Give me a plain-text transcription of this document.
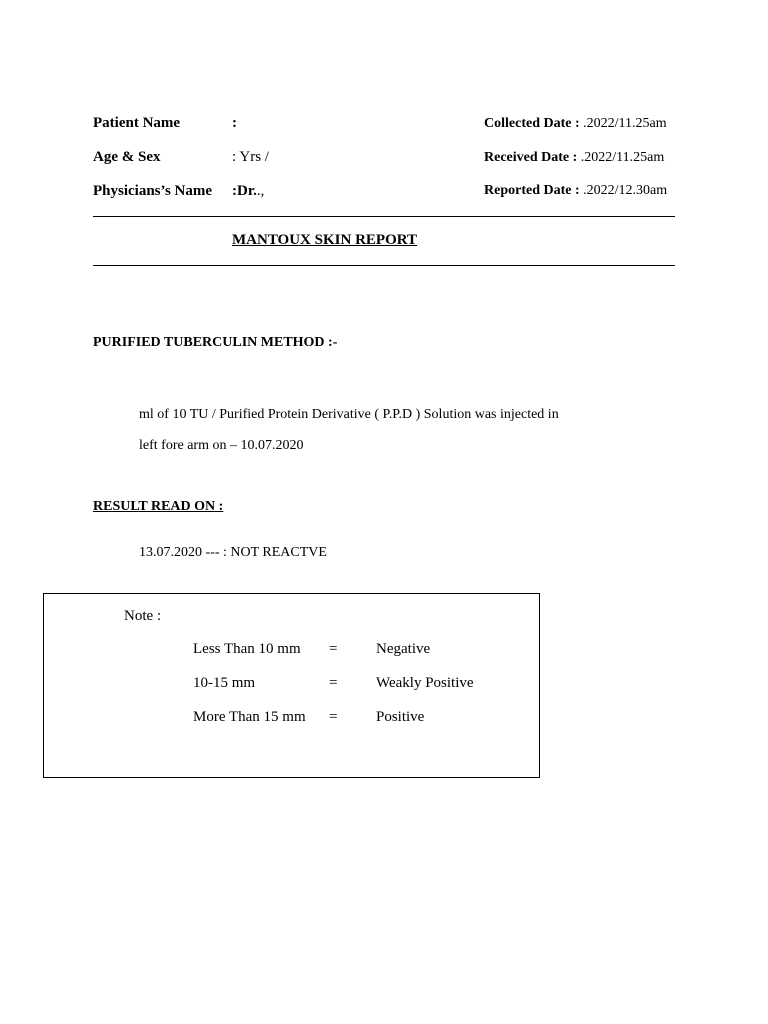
Patient Name	:
Age & Sex	: Yrs /
Physicians’s Name :Dr..,
Collected Date : .2022/11.25am
Received Date : .2022/11.25am
Reported Date : .2022/12.30am
MANTOUX SKIN REPORT
PURIFIED TUBERCULIN METHOD :-
ml of 10 TU / Purified Protein Derivative ( P.P.D ) Solution was injected in
left fore arm on – 10.07.2020
RESULT READ ON :
13.07.2020 --- : NOT REACTVE
Note :
Less Than 10 mm =	Negative
10-15 mm	=	Weakly Positive
More Than 15 mm =	Positive
